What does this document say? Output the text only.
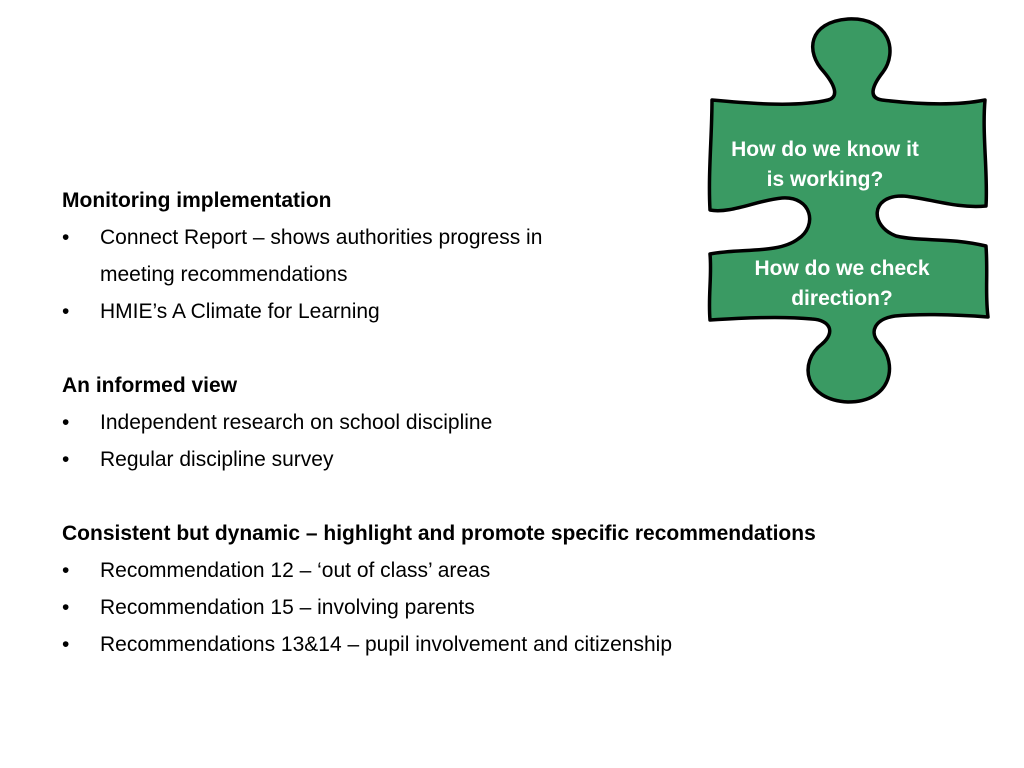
How do we know it
is working?
How do we check
direction?
Monitoring implementation
• Connect Report – shows authorities progress in
meeting recommendations
• HMIE’s A Climate for Learning
An informed view
• Independent research on school discipline
• Regular discipline survey
Consistent but dynamic – highlight and promote specific recommendations
• Recommendation 12 – ‘out of class’ areas
• Recommendation 15 – involving parents
• Recommendations 13&14 – pupil involvement and citizenship
